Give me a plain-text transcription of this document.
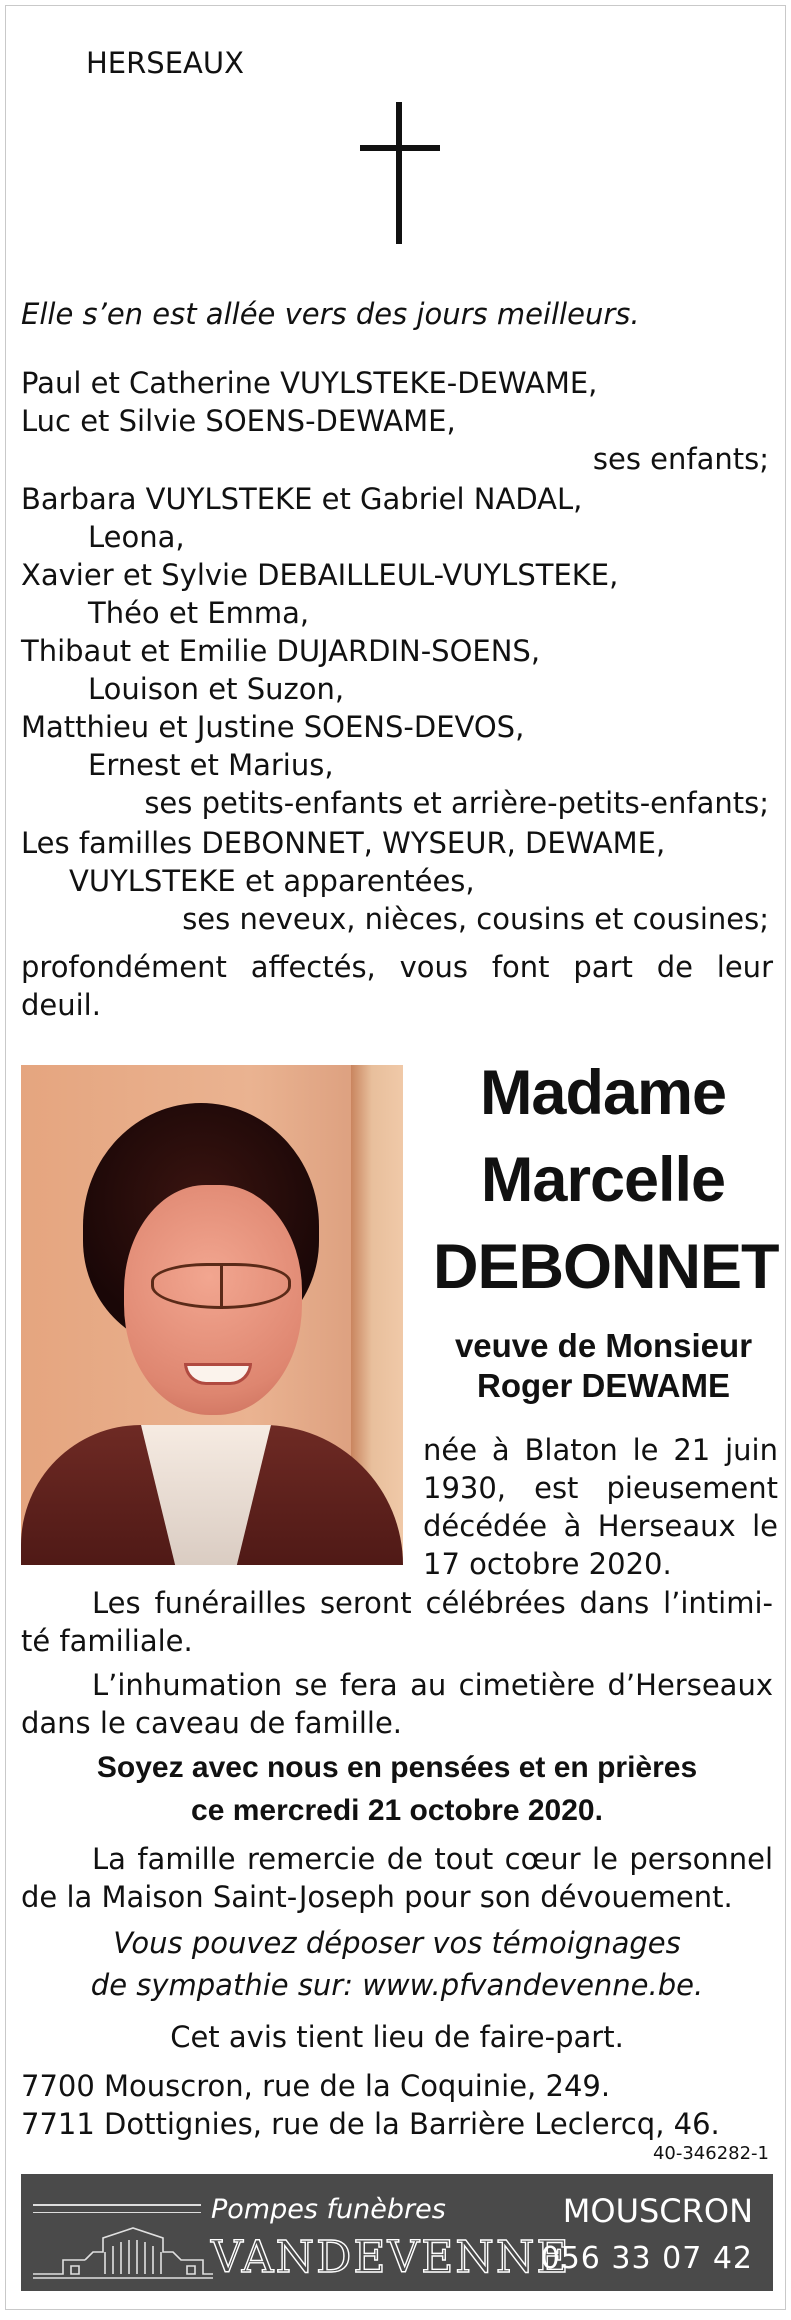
HERSEAUX

Elle s’en est allée vers des jours meilleurs.

Paul et Catherine VUYLSTEKE-DEWAME,

Luc et Silvie SOENS-DEWAME,

ses enfants;

Barbara VUYLSTEKE et Gabriel NADAL,

Leona,

Xavier et Sylvie DEBAILLEUL-VUYLSTEKE,

Théo et Emma,

Thibaut et Emilie DUJARDIN-SOENS,

Louison et Suzon,

Matthieu et Justine SOENS-DEVOS,

Ernest et Marius,

ses petits-enfants et arrière-petits-enfants;

Les familles DEBONNET, WYSEUR, DEWAME,

VUYLSTEKE et apparentées,

ses neveux, nièces, cousins et cousines;

profondément affectés, vous font part de leur

deuil.

Madame

Marcelle

DEBONNET

veuve de Monsieur

Roger DEWAME

née à Blaton le 21 juin

1930, est pieusement

décédée à Herseaux le

17 octobre 2020.

Les funérailles seront célébrées dans l’intimi-

té familiale.

L’inhumation se fera au cimetière d’Herseaux

dans le caveau de famille.

Soyez avec nous en pensées et en prières

ce mercredi 21 octobre 2020.

La famille remercie de tout cœur le personnel

de la Maison Saint-Joseph pour son dévouement.

Vous pouvez déposer vos témoignages

de sympathie sur: www.pfvandevenne.be.

Cet avis tient lieu de faire-part.

7700 Mouscron, rue de la Coquinie, 249.

7711 Dottignies, rue de la Barrière Leclercq, 46.

40-346282-1

Pompes funèbres

VANDEVENNE

MOUSCRON

056 33 07 42
